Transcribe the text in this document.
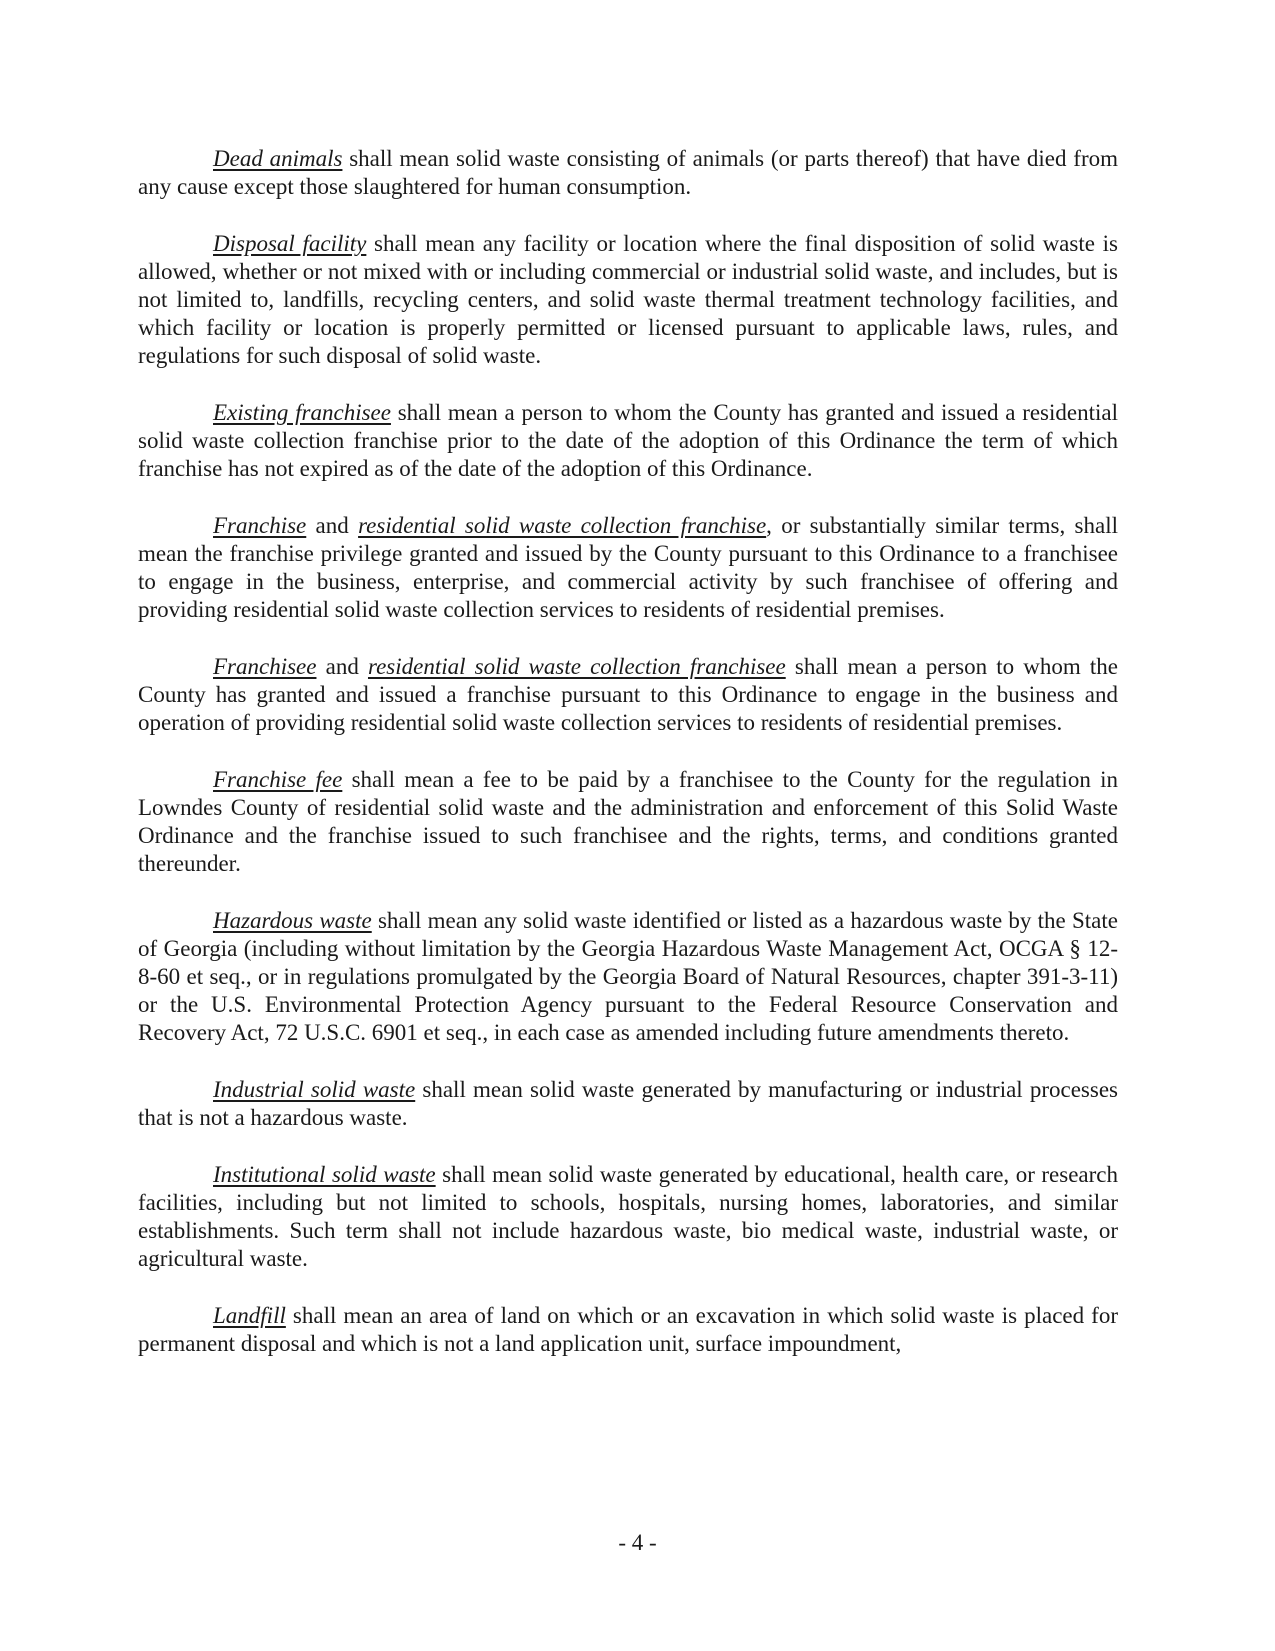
Dead animals shall mean solid waste consisting of animals (or parts thereof) that have died from any cause except those slaughtered for human consumption.

Disposal facility shall mean any facility or location where the final disposition of solid waste is allowed, whether or not mixed with or including commercial or industrial solid waste, and includes, but is not limited to, landfills, recycling centers, and solid waste thermal treatment technology facilities, and which facility or location is properly permitted or licensed pursuant to applicable laws, rules, and regulations for such disposal of solid waste.

Existing franchisee shall mean a person to whom the County has granted and issued a residential solid waste collection franchise prior to the date of the adoption of this Ordinance the term of which franchise has not expired as of the date of the adoption of this Ordinance.

Franchise and residential solid waste collection franchise, or substantially similar terms, shall mean the franchise privilege granted and issued by the County pursuant to this Ordinance to a franchisee to engage in the business, enterprise, and commercial activity by such franchisee of offering and providing residential solid waste collection services to residents of residential premises.

Franchisee and residential solid waste collection franchisee shall mean a person to whom the County has granted and issued a franchise pursuant to this Ordinance to engage in the business and operation of providing residential solid waste collection services to residents of residential premises.

Franchise fee shall mean a fee to be paid by a franchisee to the County for the regulation in Lowndes County of residential solid waste and the administration and enforcement of this Solid Waste Ordinance and the franchise issued to such franchisee and the rights, terms, and conditions granted thereunder.

Hazardous waste shall mean any solid waste identified or listed as a hazardous waste by the State of Georgia (including without limitation by the Georgia Hazardous Waste Management Act, OCGA § 12-8-60 et seq., or in regulations promulgated by the Georgia Board of Natural Resources, chapter 391-3-11) or the U.S. Environmental Protection Agency pursuant to the Federal Resource Conservation and Recovery Act, 72 U.S.C. 6901 et seq., in each case as amended including future amendments thereto.

Industrial solid waste shall mean solid waste generated by manufacturing or industrial processes that is not a hazardous waste.

Institutional solid waste shall mean solid waste generated by educational, health care, or research facilities, including but not limited to schools, hospitals, nursing homes, laboratories, and similar establishments. Such term shall not include hazardous waste, bio medical waste, industrial waste, or agricultural waste.

Landfill shall mean an area of land on which or an excavation in which solid waste is placed for permanent disposal and which is not a land application unit, surface impoundment,

- 4 -
